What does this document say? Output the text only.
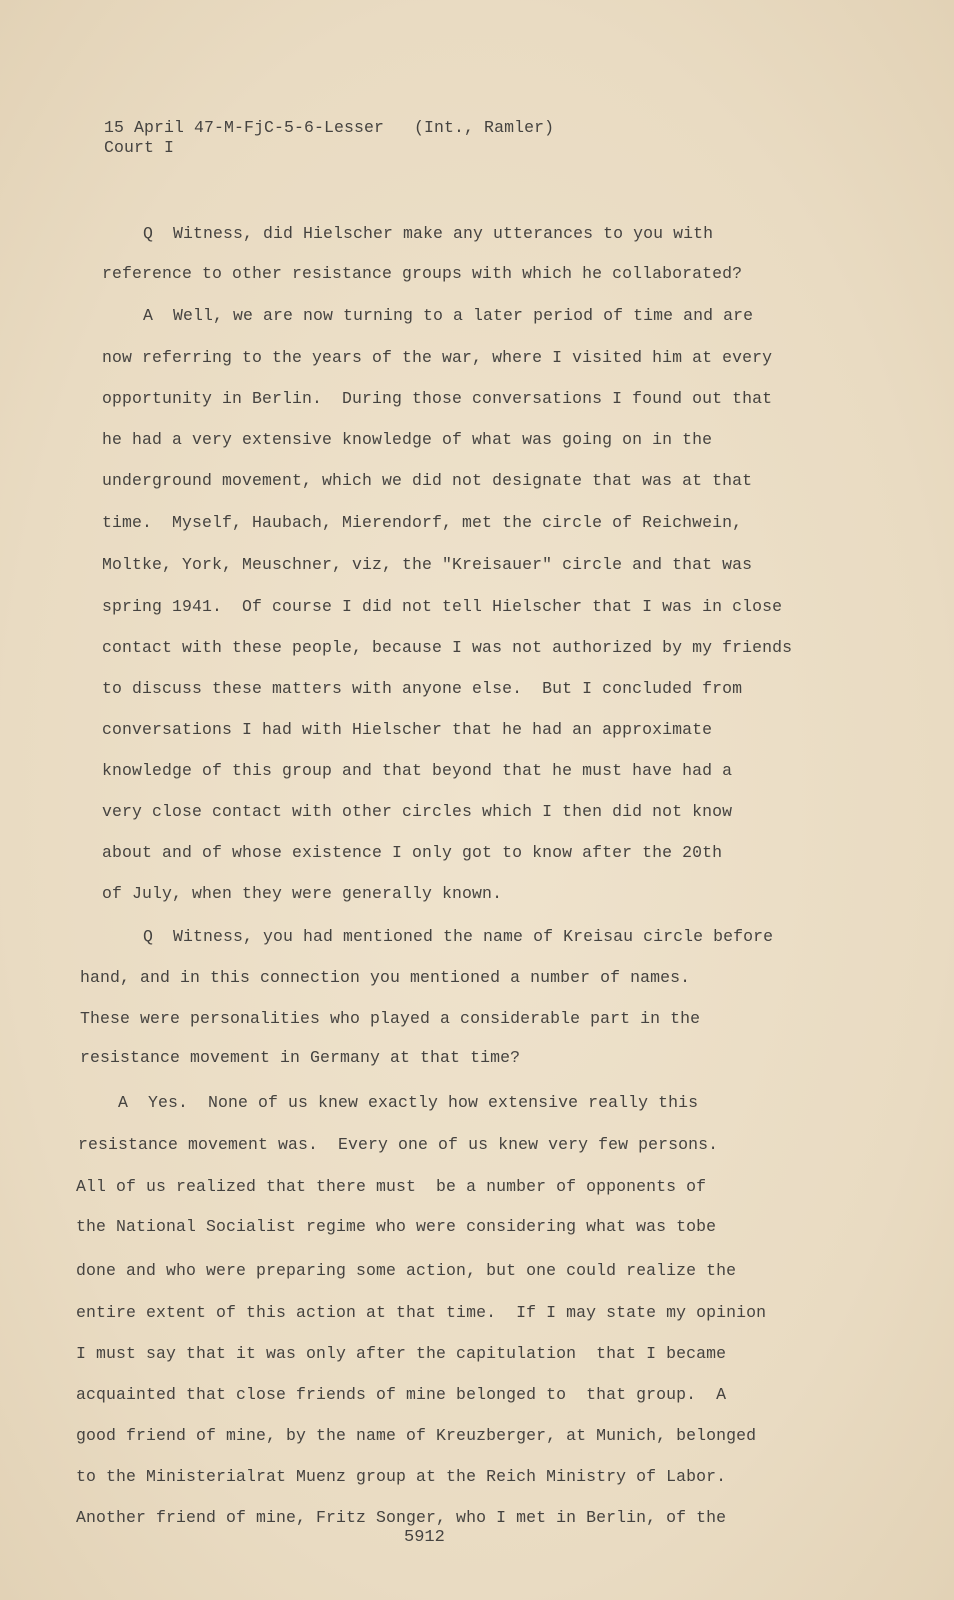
15 April 47-M-FjC-5-6-Lesser   (Int., Ramler)
Court I
Q  Witness, did Hielscher make any utterances to you with
reference to other resistance groups with which he collaborated?
A  Well, we are now turning to a later period of time and are
now referring to the years of the war, where I visited him at every
opportunity in Berlin.  During those conversations I found out that
he had a very extensive knowledge of what was going on in the
underground movement, which we did not designate that was at that
time.  Myself, Haubach, Mierendorf, met the circle of Reichwein,
Moltke, York, Meuschner, viz, the "Kreisauer" circle and that was
spring 1941.  Of course I did not tell Hielscher that I was in close
contact with these people, because I was not authorized by my friends
to discuss these matters with anyone else.  But I concluded from
conversations I had with Hielscher that he had an approximate
knowledge of this group and that beyond that he must have had a
very close contact with other circles which I then did not know
about and of whose existence I only got to know after the 20th
of July, when they were generally known.
Q  Witness, you had mentioned the name of Kreisau circle before
hand, and in this connection you mentioned a number of names.
These were personalities who played a considerable part in the
resistance movement in Germany at that time?
A  Yes.  None of us knew exactly how extensive really this
resistance movement was.  Every one of us knew very few persons.
All of us realized that there must  be a number of opponents of
the National Socialist regime who were considering what was tobe
done and who were preparing some action, but one could realize the
entire extent of this action at that time.  If I may state my opinion
I must say that it was only after the capitulation  that I became
acquainted that close friends of mine belonged to  that group.  A
good friend of mine, by the name of Kreuzberger, at Munich, belonged
to the Ministerialrat Muenz group at the Reich Ministry of Labor.
Another friend of mine, Fritz Songer, who I met in Berlin, of the
5912
